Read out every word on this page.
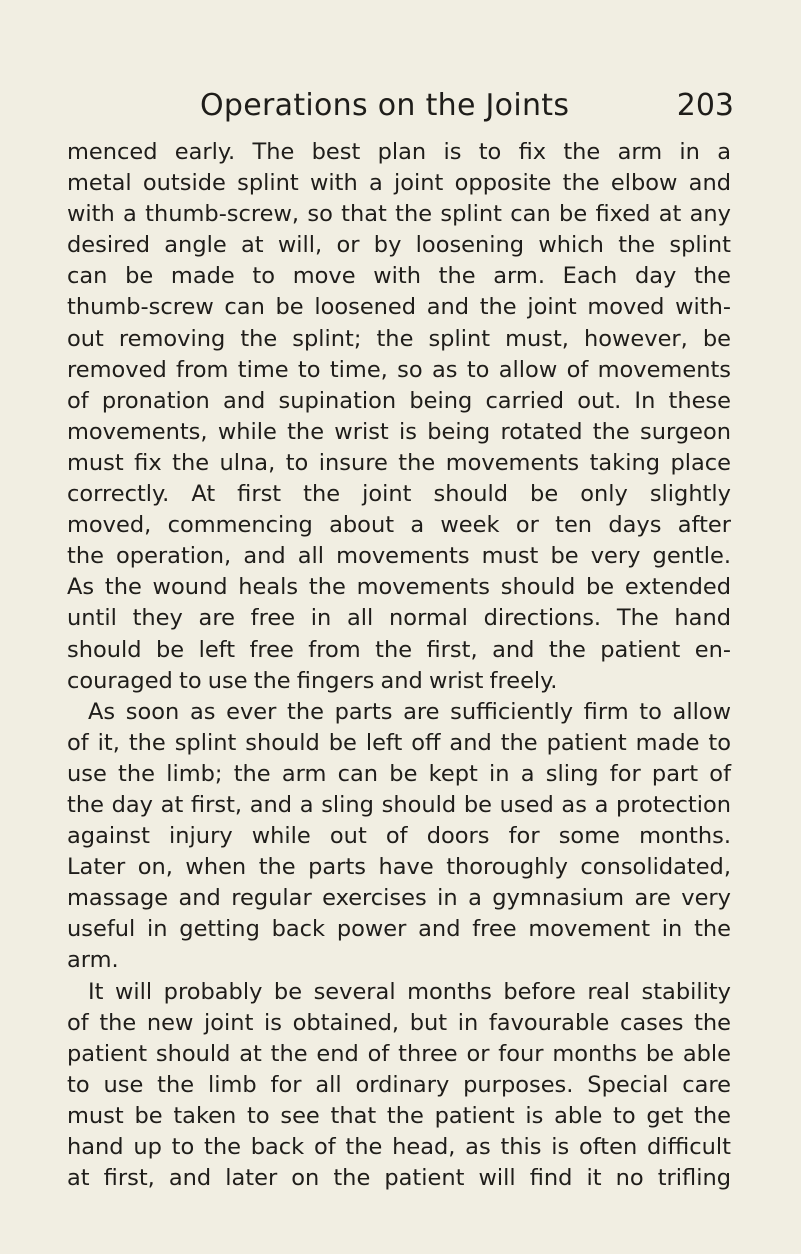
Operations on the Joints	203
menced early. The best plan is to fix the arm in a
metal outside splint with a joint opposite the elbow and
with a thumb-screw, so that the splint can be fixed at any
desired angle at will, or by loosening which the splint
can be made to move with the arm. Each day the
thumb-screw can be loosened and the joint moved with-
out removing the splint; the splint must, however, be
removed from time to time, so as to allow of movements
of pronation and supination being carried out. In these
movements, while the wrist is being rotated the surgeon
must fix the ulna, to insure the movements taking place
correctly. At first the joint should be only slightly
moved, commencing about a week or ten days after
the operation, and all movements must be very gentle.
As the wound heals the movements should be extended
until they are free in all normal directions. The hand
should be left free from the first, and the patient en-
couraged to use the fingers and wrist freely.
As soon as ever the parts are sufficiently firm to allow
of it, the splint should be left off and the patient made to
use the limb; the arm can be kept in a sling for part of
the day at first, and a sling should be used as a protection
against injury while out of doors for some months.
Later on, when the parts have thoroughly consolidated,
massage and regular exercises in a gymnasium are very
useful in getting back power and free movement in the
arm.
It will probably be several months before real stability
of the new joint is obtained, but in favourable cases the
patient should at the end of three or four months be able
to use the limb for all ordinary purposes. Special care
must be taken to see that the patient is able to get the
hand up to the back of the head, as this is often difficult
at first, and later on the patient will find it no trifling
